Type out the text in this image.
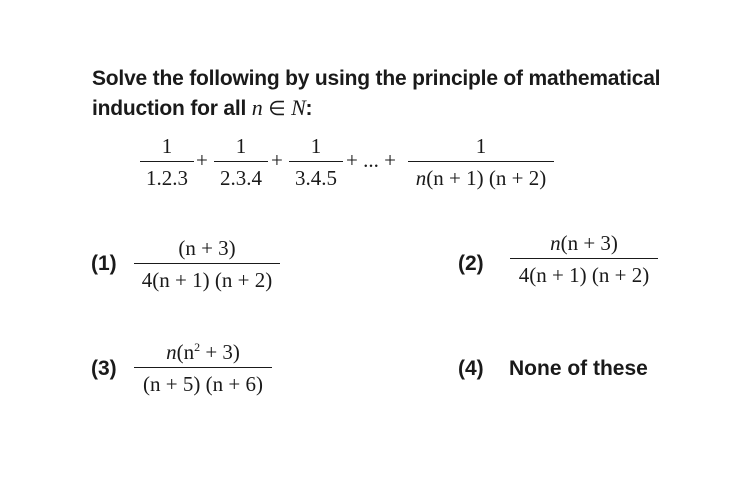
Solve the following by using the principle of mathematical
induction for all n ∈ N:
1
1.2.3
+
1
2.3.4
+
1
3.4.5
+ ... +
1
n(n + 1) (n + 2)
(1)
(n + 3)
4(n + 1) (n + 2)
(2)
n(n + 3)
4(n + 1) (n + 2)
(3)
$n(n^2 + 3)$
(n + 5) (n + 6)
(4) None of these
